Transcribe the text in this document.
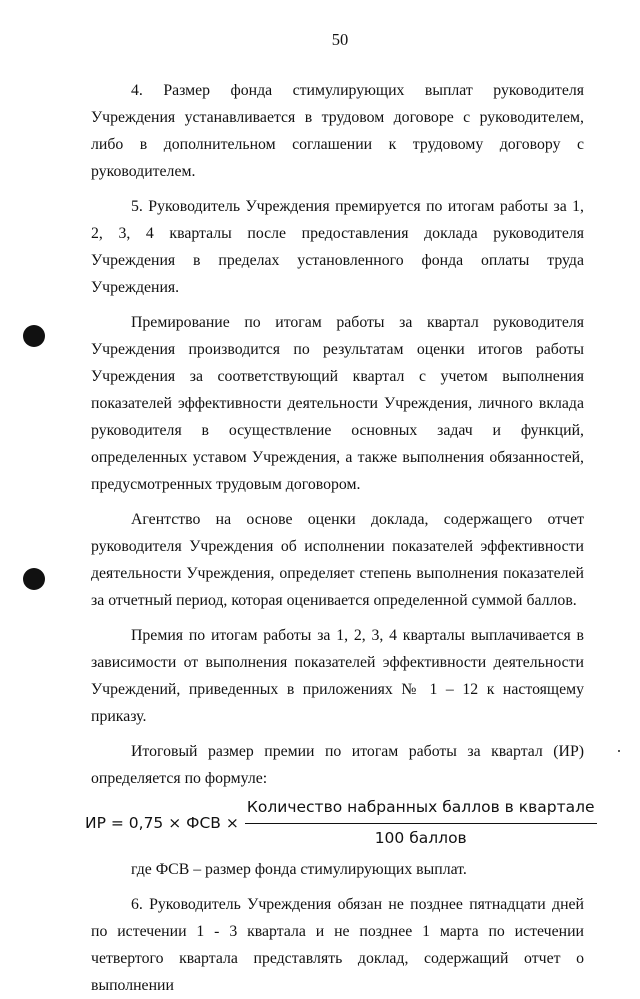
50

4. Размер фонда стимулирующих выплат руководителя Учреждения устанавливается в трудовом договоре с руководителем, либо в дополнительном соглашении к трудовому договору с руководителем.

5. Руководитель Учреждения премируется по итогам работы за 1, 2, 3, 4 кварталы после предоставления доклада руководителя Учреждения в пределах установленного фонда оплаты труда Учреждения.

Премирование по итогам работы за квартал руководителя Учреждения производится по результатам оценки итогов работы Учреждения за соответствующий квартал с учетом выполнения показателей эффективности деятельности Учреждения, личного вклада руководителя в осуществление основных задач и функций, определенных уставом Учреждения, а также выполнения обязанностей, предусмотренных трудовым договором.

Агентство на основе оценки доклада, содержащего отчет руководителя Учреждения об исполнении показателей эффективности деятельности Учреждения, определяет степень выполнения показателей за отчетный период, которая оценивается определенной суммой баллов.

Премия по итогам работы за 1, 2, 3, 4 кварталы выплачивается в зависимости от выполнения показателей эффективности деятельности Учреждений, приведенных в приложениях № 1 – 12 к настоящему приказу.

Итоговый размер премии по итогам работы за квартал (ИР) определяется по формуле:

ИР = 0,75 × ФСВ × $\frac{\text{Количество набранных баллов в квартале}}{\text{100 баллов}}$

где ФСВ – размер фонда стимулирующих выплат.

6. Руководитель Учреждения обязан не позднее пятнадцати дней по истечении 1 - 3 квартала и не позднее 1 марта по истечении четвертого квартала представлять доклад, содержащий отчет о выполнении
